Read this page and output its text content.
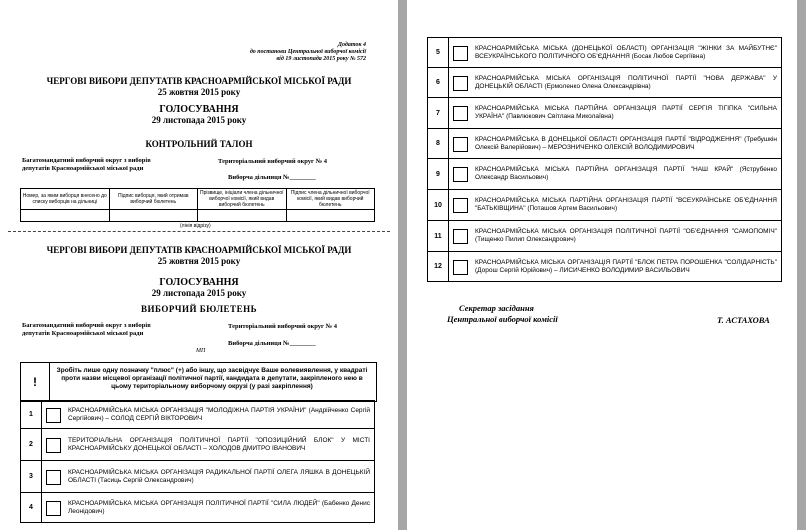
Додаток 4
до постанови Центральної виборчої комісії
від 19 листопада 2015 року № 572
ЧЕРГОВІ ВИБОРИ ДЕПУТАТІВ КРАСНОАРМІЙСЬКОЇ МІСЬКОЇ РАДИ
25 жовтня 2015 року
ГОЛОСУВАННЯ
29 листопада 2015 року
КОНТРОЛЬНИЙ ТАЛОН
Багатомандатний виборчий округ з виборів
депутатів Красноармійської міської ради
Територіальний виборчий округ № 4
Виборча дільниця №________
Номер, за яким виборця внесено до списку виборців на дільниці	Підпис виборця, який отримав виборчий бюлетень	Прізвище, ініціали члена дільничної виборчої комісії, який видав виборчий бюлетень	Підпис члена дільничної виборчої комісії, який видав виборчий бюлетень

(лінія відрізу)
ЧЕРГОВІ ВИБОРИ ДЕПУТАТІВ КРАСНОАРМІЙСЬКОЇ МІСЬКОЇ РАДИ
25 жовтня 2015 року
ГОЛОСУВАННЯ
29 листопада 2015 року
ВИБОРЧИЙ БЮЛЕТЕНЬ
Багатомандатний виборчий округ з виборів
депутатів Красноармійської міської ради
Територіальний виборчий округ № 4
МП
Виборча дільниця №________
!
Зробіть лише одну позначку "плюс" (+) або іншу, що засвідчує Ваше волевиявлення, у квадраті проти назви місцевої організації політичної партії, кандидата в депутати, закріпленого нею в цьому територіальному виборчому окрузі (у разі закріплення)
1	КРАСНОАРМІЙСЬКА МІСЬКА ОРГАНІЗАЦІЯ "МОЛОДІЖНА ПАРТІЯ УКРАЇНИ" (Андрійченко Сергій Сергійович) – СОЛОД СЕРГІЙ ВІКТОРОВИЧ

2	ТЕРИТОРІАЛЬНА ОРГАНІЗАЦІЯ ПОЛІТИЧНОЇ ПАРТІЇ "ОПОЗИЦІЙНИЙ БЛОК" У МІСТІ КРАСНОАРМІЙСЬКУ ДОНЕЦЬКОЇ ОБЛАСТІ – ХОЛОДОВ ДМИТРО ІВАНОВИЧ

3	КРАСНОАРМІЙСЬКА МІСЬКА ОРГАНІЗАЦІЯ РАДИКАЛЬНОЇ ПАРТІЇ ОЛЕГА ЛЯШКА В ДОНЕЦЬКІЙ ОБЛАСТІ (Тасиць Сергій Олександрович)

4	КРАСНОАРМІЙСЬКА МІСЬКА ОРГАНІЗАЦІЯ ПОЛІТИЧНОЇ ПАРТІЇ "СИЛА ЛЮДЕЙ" (Бабенко Денис Леонідович)
5	КРАСНОАРМІЙСЬКА МІСЬКА (ДОНЕЦЬКОЇ ОБЛАСТІ) ОРГАНІЗАЦІЯ "ЖІНКИ ЗА МАЙБУТНЄ" ВСЕУКРАЇНСЬКОГО ПОЛІТИЧНОГО ОБ'ЄДНАННЯ (Босак Любов Сергіївна)

6	КРАСНОАРМІЙСЬКА МІСЬКА ОРГАНІЗАЦІЯ ПОЛІТИЧНОЇ ПАРТІЇ "НОВА ДЕРЖАВА" У ДОНЕЦЬКІЙ ОБЛАСТІ (Ермоленко Олена Олександрівна)

7	КРАСНОАРМІЙСЬКА МІСЬКА ПАРТІЙНА ОРГАНІЗАЦІЯ ПАРТІЇ СЕРГІЯ ТІГІПКА "СИЛЬНА УКРАЇНА" (Павлюкович Світлана Миколаївна)

8	КРАСНОАРМІЙСЬКА В ДОНЕЦЬКОЇ ОБЛАСТІ ОРГАНІЗАЦІЯ ПАРТІЇ "ВІДРОДЖЕННЯ" (Требушкін Олексій Валерійович) – МЕРОЗНИЧЕНКО ОЛЕКСІЙ ВОЛОДИМИРОВИЧ

9	КРАСНОАРМІЙСЬКА МІСЬКА ПАРТІЙНА ОРГАНІЗАЦІЯ ПАРТІЇ "НАШ КРАЙ" (Яструбенко Олександр Васильович)

10	КРАСНОАРМІЙСЬКА МІСЬКА ПАРТІЙНА ОРГАНІЗАЦІЯ ПАРТІЇ "ВСЕУКРАЇНСЬКЕ ОБ'ЄДНАННЯ "БАТЬКІВЩИНА" (Поташов Артем Васильович)

11	КРАСНОАРМІЙСЬКА МІСЬКА ОРГАНІЗАЦІЯ ПОЛІТИЧНОЇ ПАРТІЇ "ОБ'ЄДНАННЯ "САМОПОМІЧ" (Тищенко Пилип Олександрович)

12	КРАСНОАРМІЙСЬКА МІСЬКА ОРГАНІЗАЦІЯ ПАРТІЇ "БЛОК ПЕТРА ПОРОШЕНКА "СОЛІДАРНІСТЬ" (Дорош Сергій Юрійович) – ЛИСИЧЕНКО ВОЛОДИМИР ВАСИЛЬОВИЧ
Секретар засідання
Центральної виборчої комісії	Т. АСТАХОВА
